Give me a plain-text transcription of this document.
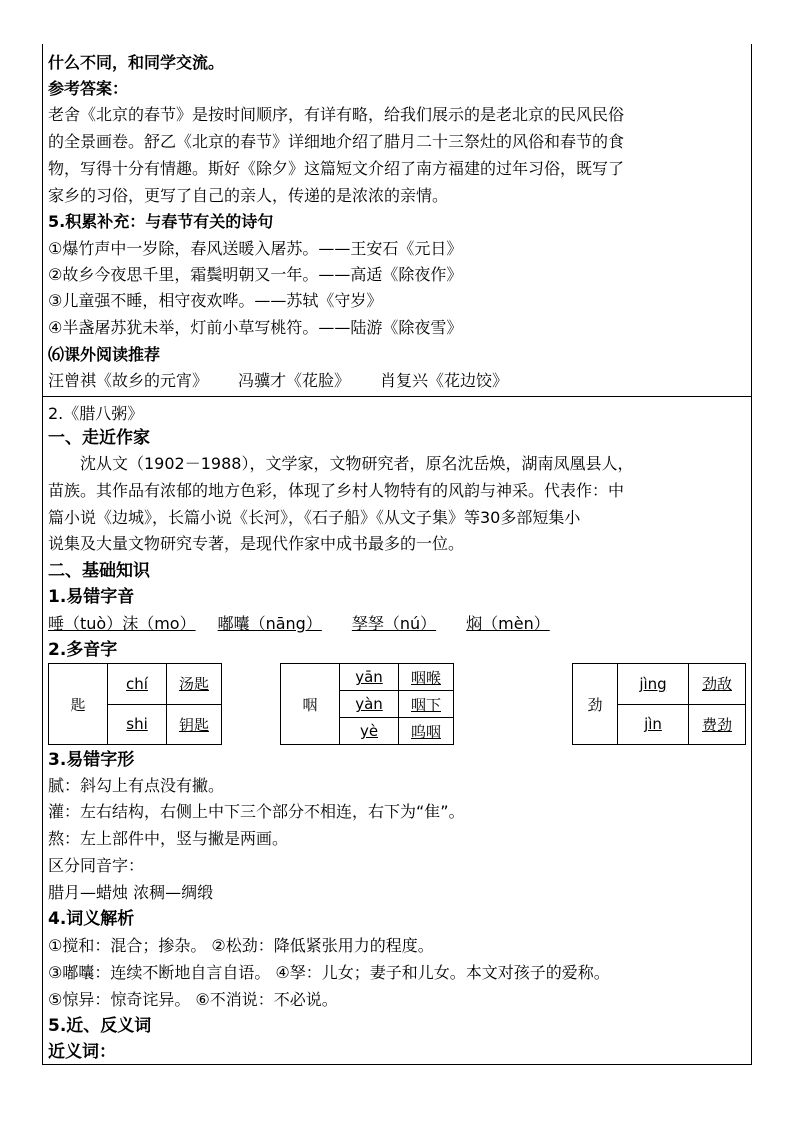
什么不同，和同学交流。
参考答案：
老舍《北京的春节》是按时间顺序，有详有略，给我们展示的是老北京的民风民俗
的全景画卷。舒乙《北京的春节》详细地介绍了腊月二十三祭灶的风俗和春节的食
物，写得十分有情趣。斯好《除夕》这篇短文介绍了南方福建的过年习俗，既写了
家乡的习俗，更写了自己的亲人，传递的是浓浓的亲情。
5.积累补充：与春节有关的诗句
①爆竹声中一岁除，春风送暖入屠苏。——王安石《元日》
②故乡今夜思千里，霜鬓明朝又一年。——高适《除夜作》
③儿童强不睡，相守夜欢哗。——苏轼《守岁》
④半盏屠苏犹未举，灯前小草写桃符。——陆游《除夜雪》
⑹课外阅读推荐
汪曾祺《故乡的元宵》 冯骥才《花脸》 肖复兴《花边饺》
2.《腊八粥》
一、走近作家
沈从文（1902－1988），文学家，文物研究者，原名沈岳焕，湖南凤凰县人，
苗族。其作品有浓郁的地方色彩，体现了乡村人物特有的风韵与神采。代表作：中
篇小说《边城》，长篇小说《长河》，《石子船》《从文子集》等30多部短集小
说集及大量文物研究专著，是现代作家中成书最多的一位。
二、基础知识
1.易错字音
唾（tuò）沫（mo） 嘟囔（nāng） 孥孥（nú） 焖（mèn）
2.多音字
匙	chí	汤匙
	shi	钥匙
咽	yān	咽喉
	yàn	咽下
	yè	呜咽
劲	jìng	劲敌
	jìn	费劲
3.易错字形
腻：斜勾上有点没有撇。
灌：左右结构，右侧上中下三个部分不相连，右下为“隹”。
熬：左上部件中，竖与撇是两画。
区分同音字：
腊月—蜡烛 浓稠—绸缎
4.词义解析
①搅和：混合；掺杂。 ②松劲：降低紧张用力的程度。
③嘟囔：连续不断地自言自语。 ④孥：儿女；妻子和儿女。本文对孩子的爱称。
⑤惊异：惊奇诧异。 ⑥不消说：不必说。
5.近、反义词
近义词：
